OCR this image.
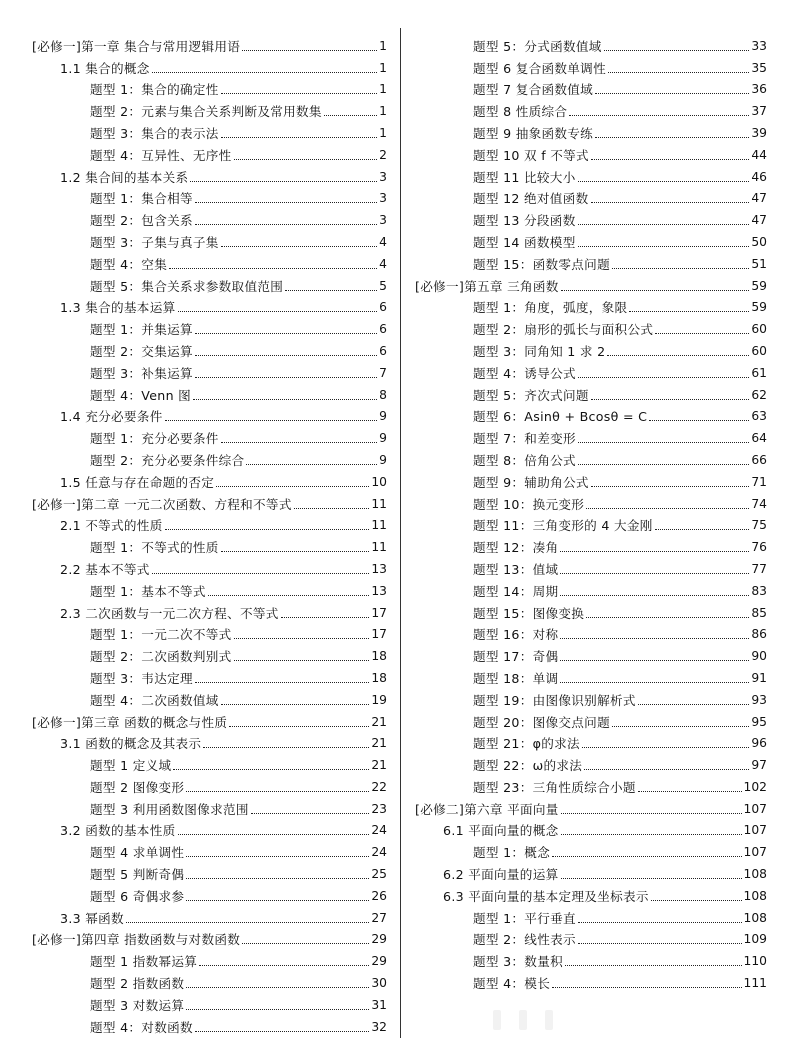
[必修一]第一章 集合与常用逻辑用语	1
1.1 集合的概念	1
题型 1：集合的确定性	1
题型 2：元素与集合关系判断及常用数集	1
题型 3：集合的表示法	1
题型 4：互异性、无序性	2
1.2 集合间的基本关系	3
题型 1：集合相等	3
题型 2：包含关系	3
题型 3：子集与真子集	4
题型 4：空集	4
题型 5：集合关系求参数取值范围	5
1.3 集合的基本运算	6
题型 1：并集运算	6
题型 2：交集运算	6
题型 3：补集运算	7
题型 4：Venn 图	8
1.4 充分必要条件	9
题型 1：充分必要条件	9
题型 2：充分必要条件综合	9
1.5 任意与存在命题的否定	10
[必修一]第二章 一元二次函数、方程和不等式	11
2.1 不等式的性质	11
题型 1：不等式的性质	11
2.2 基本不等式	13
题型 1：基本不等式	13
2.3 二次函数与一元二次方程、不等式	17
题型 1：一元二次不等式	17
题型 2：二次函数判别式	18
题型 3：韦达定理	18
题型 4：二次函数值域	19
[必修一]第三章 函数的概念与性质	21
3.1 函数的概念及其表示	21
题型 1 定义域	21
题型 2 图像变形	22
题型 3 利用函数图像求范围	23
3.2 函数的基本性质	24
题型 4 求单调性	24
题型 5 判断奇偶	25
题型 6 奇偶求参	26
3.3 幂函数	27
[必修一]第四章 指数函数与对数函数	29
题型 1 指数幂运算	29
题型 2 指数函数	30
题型 3 对数运算	31
题型 4：对数函数	32
题型 5：分式函数值域	33
题型 6 复合函数单调性	35
题型 7 复合函数值域	36
题型 8 性质综合	37
题型 9 抽象函数专练	39
题型 10 双 f 不等式	44
题型 11 比较大小	46
题型 12 绝对值函数	47
题型 13 分段函数	47
题型 14 函数模型	50
题型 15：函数零点问题	51
[必修一]第五章 三角函数	59
题型 1：角度，弧度，象限	59
题型 2：扇形的弧长与面积公式	60
题型 3：同角知 1 求 2	60
题型 4：诱导公式	61
题型 5：齐次式问题	62
题型 6：Asinθ + Bcosθ = C	63
题型 7：和差变形	64
题型 8：倍角公式	66
题型 9：辅助角公式	71
题型 10：换元变形	74
题型 11：三角变形的 4 大金刚	75
题型 12：凑角	76
题型 13：值域	77
题型 14：周期	83
题型 15：图像变换	85
题型 16：对称	86
题型 17：奇偶	90
题型 18：单调	91
题型 19：由图像识别解析式	93
题型 20：图像交点问题	95
题型 21：φ的求法	96
题型 22：ω的求法	97
题型 23：三角性质综合小题	102
[必修二]第六章 平面向量	107
6.1 平面向量的概念	107
题型 1：概念	107
6.2 平面向量的运算	108
6.3 平面向量的基本定理及坐标表示	108
题型 1：平行垂直	108
题型 2：线性表示	109
题型 3：数量积	110
题型 4：模长	111
